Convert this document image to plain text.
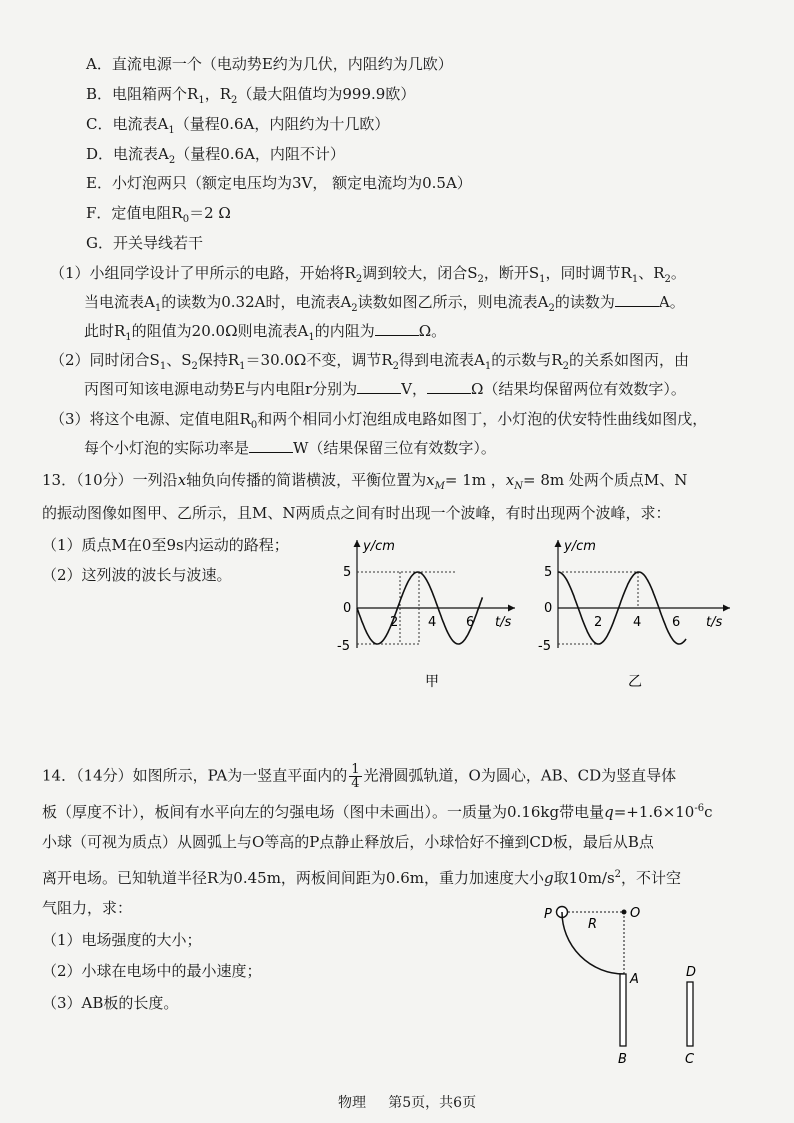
A．直流电源一个（电动势E约为几伏，内阻约为几欧）
B．电阻箱两个$R_1$，$R_2$（最大阻值均为999.9欧）
C．电流表$A_1$（量程0.6A，内阻约为十几欧）
D．电流表$A_2$（量程0.6A，内阻不计）
E．小灯泡两只（额定电压均为3V， 额定电流均为0.5A）
F．定值电阻$R_0=2$ Ω
G．开关导线若干
（1）小组同学设计了甲所示的电路，开始将$R_2$调到较大，闭合$S_2$，断开$S_1$，同时调节$R_1$、$R_2$。
当电流表$A_1$的读数为0.32A时，电流表$A_2$读数如图乙所示，则电流表$A_2$的读数为	A。
此时$R_1$的阻值为20.0Ω则电流表$A_1$的内阻为	Ω。
（2）同时闭合$S_1$、$S_2$保持$R_1=30.0\Omega$不变，调节$R_2$得到电流表$A_1$的示数与$R_2$的关系如图丙，由
丙图可知该电源电动势E与内电阻r分别为	V，	Ω（结果均保留两位有效数字）。
（3）将这个电源、定值电阻$R_0$和两个相同小灯泡组成电路如图丁，小灯泡的伏安特性曲线如图戊，
每个小灯泡的实际功率是	W（结果保留三位有效数字）。
13．（10分）一列沿x轴负向传播的简谐横波，平衡位置为$x_M= 1m$ ，$x_N= 8m$ 处两个质点M、N
的振动图像如图甲、乙所示，且M、N两质点之间有时出现一个波峰，有时出现两个波峰，求：
（1）质点M在0至9s内运动的路程；
（2）这列波的波长与波速。
y/cm
t/s
5
0
-5
2 4 6
甲
y/cm
t/s
5
0
-5
2 4 6
乙
14．（14分）如图所示，PA为一竖直平面内的 $\frac{1}{4}$ 光滑圆弧轨道，O为圆心，AB、CD为竖直导体
板（厚度不计），板间有水平向左的匀强电场（图中未画出）。一质量为0.16kg带电量$q=+1.6\times 10^{-6}c$
小球（可视为质点）从圆弧上与O等高的P点静止释放后，小球恰好不撞到CD板，最后从B点
离开电场。已知轨道半径R为0.45m，两板间间距为0.6m，重力加速度大小g取$10m/s^2$，不计空
气阻力，求：
（1）电场强度的大小；
（2）小球在电场中的最小速度；
（3）AB板的长度。
P	O
R
A
B
D
C
物理 第5页，共6页
